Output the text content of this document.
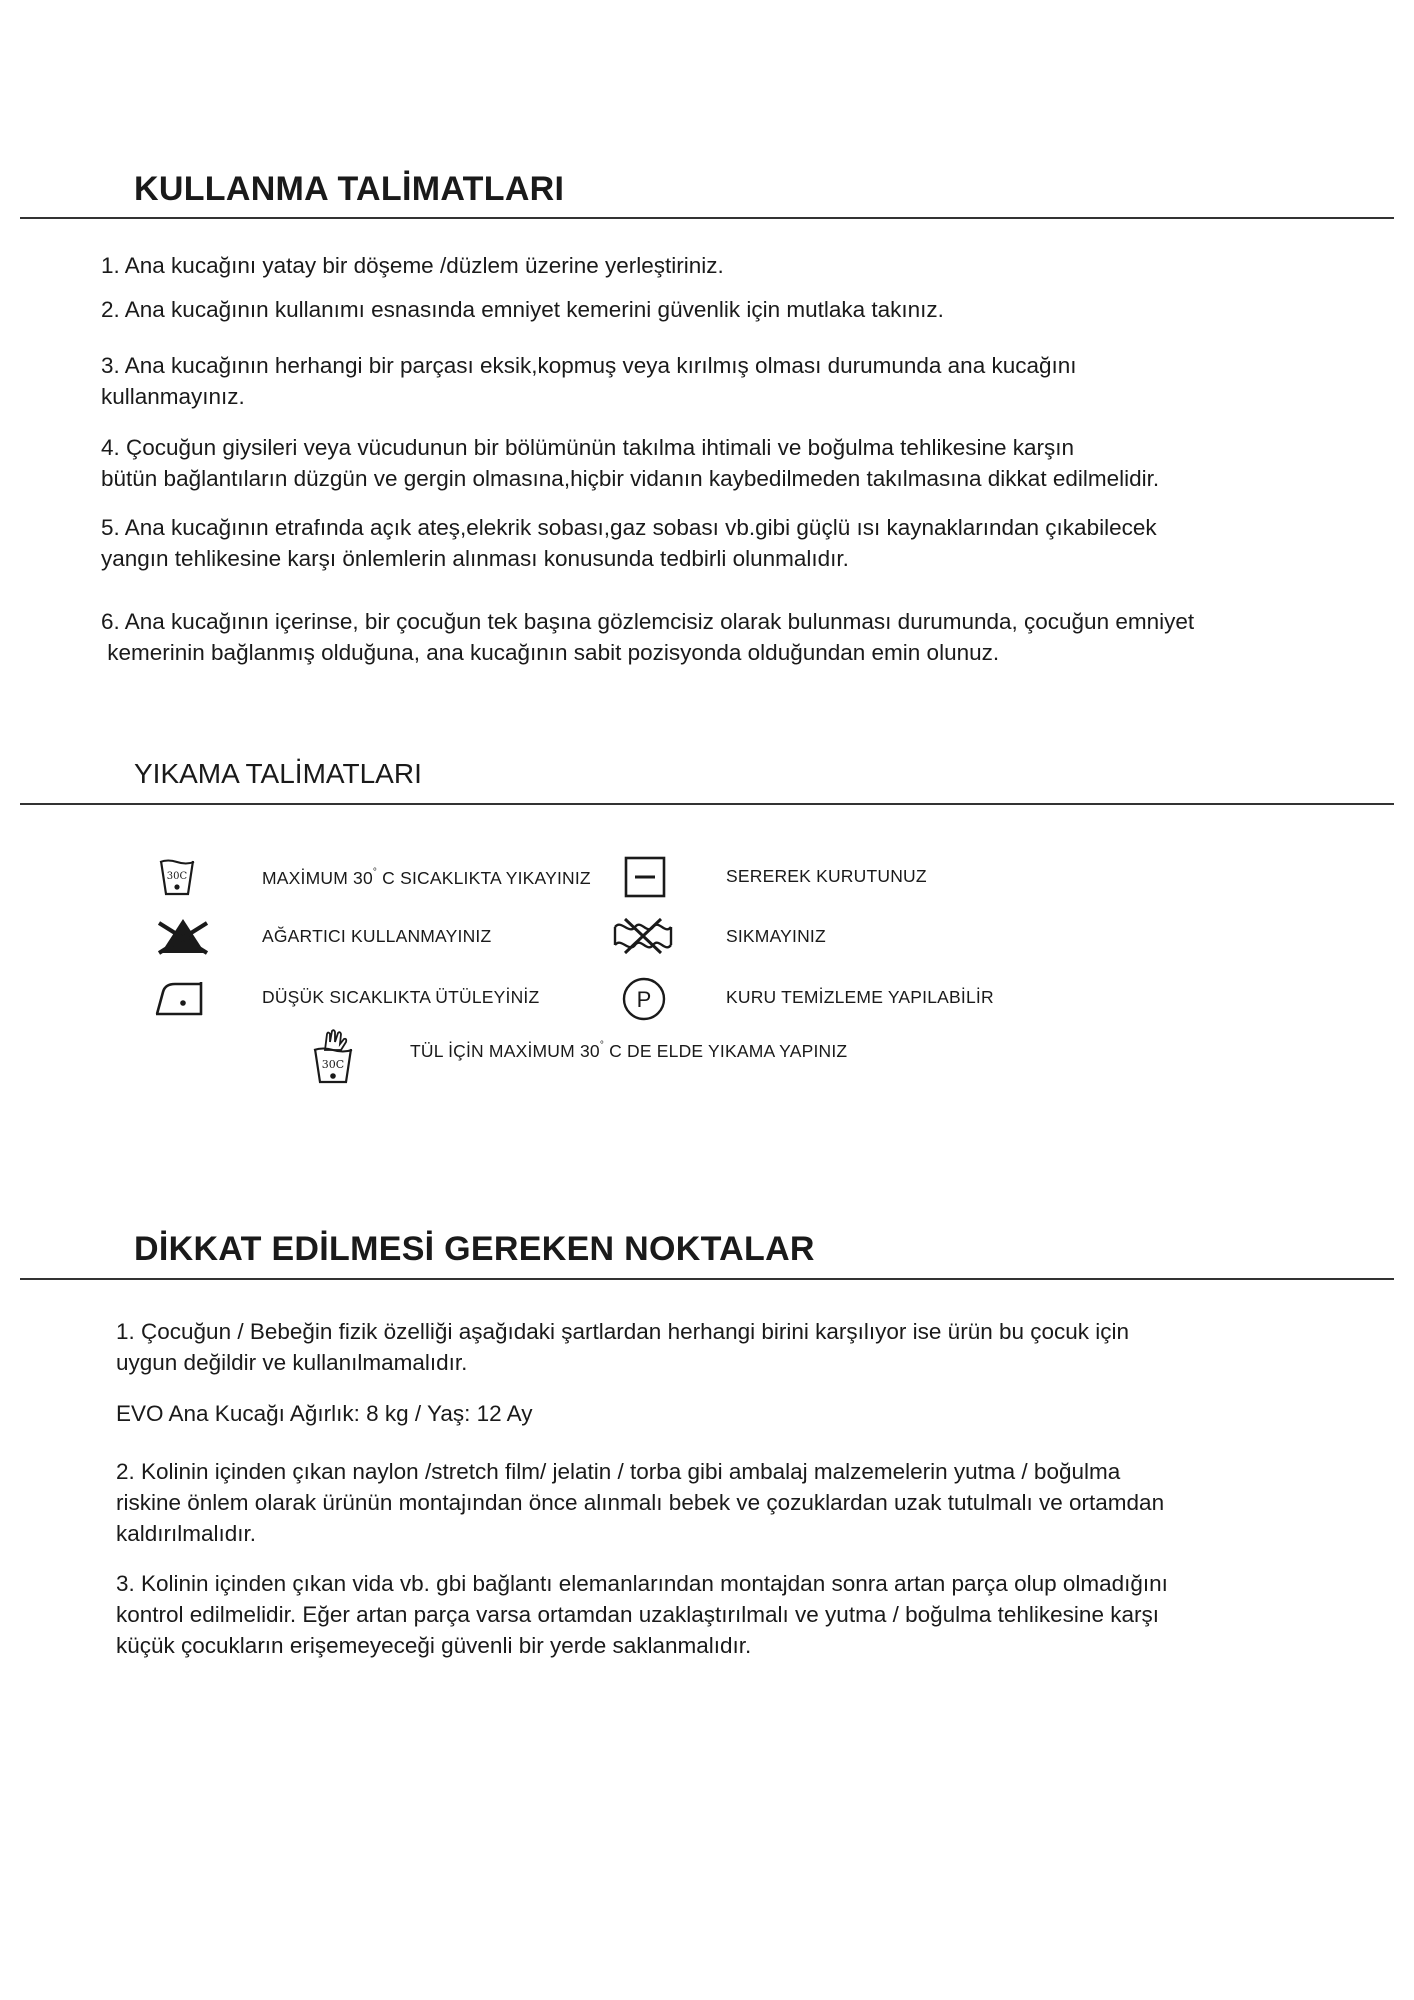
KULLANMA TALİMATLARI

1. Ana kucağını yatay bir döşeme /düzlem üzerine yerleştiriniz.

2. Ana kucağının kullanımı esnasında emniyet kemerini güvenlik için mutlaka takınız.

3. Ana kucağının herhangi bir parçası eksik,kopmuş veya kırılmış olması durumunda ana kucağını
kullanmayınız.

4. Çocuğun giysileri veya vücudunun bir bölümünün takılma ihtimali ve boğulma tehlikesine karşın
bütün bağlantıların düzgün ve gergin olmasına,hiçbir vidanın kaybedilmeden takılmasına dikkat edilmelidir.

5. Ana kucağının etrafında açık ateş,elekrik sobası,gaz sobası vb.gibi güçlü ısı kaynaklarından çıkabilecek
yangın tehlikesine karşı önlemlerin alınması konusunda tedbirli olunmalıdır.

6. Ana kucağının içerinse, bir çocuğun tek başına gözlemcisiz olarak bulunması durumunda, çocuğun emniyet
kemerinin bağlanmış olduğuna, ana kucağının sabit pozisyonda olduğundan emin olunuz.

YIKAMA TALİMATLARI
30C	MAXİMUM 30° C SICAKLIKTA YIKAYINIZ	SEREREK KURUTUNUZ
AĞARTICI KULLANMAYINIZ	SIKMAYINIZ
DÜŞÜK SICAKLIKTA ÜTÜLEYİNİZ	P	KURU TEMİZLEME YAPILABİLİR
30C
TÜL İÇİN MAXİMUM 30° C DE ELDE YIKAMA YAPINIZ
DİKKAT EDİLMESİ GEREKEN NOKTALAR

1. Çocuğun / Bebeğin fizik özelliği aşağıdaki şartlardan herhangi birini karşılıyor ise ürün bu çocuk için
uygun değildir ve kullanılmamalıdır.

EVO Ana Kucağı Ağırlık: 8 kg / Yaş: 12 Ay

2. Kolinin içinden çıkan naylon /stretch film/ jelatin / torba gibi ambalaj malzemelerin yutma / boğulma
riskine önlem olarak ürünün montajından önce alınmalı bebek ve çozuklardan uzak tutulmalı ve ortamdan
kaldırılmalıdır.

3. Kolinin içinden çıkan vida vb. gbi bağlantı elemanlarından montajdan sonra artan parça olup olmadığını
kontrol edilmelidir. Eğer artan parça varsa ortamdan uzaklaştırılmalı ve yutma / boğulma tehlikesine karşı
küçük çocukların erişemeyeceği güvenli bir yerde saklanmalıdır.
